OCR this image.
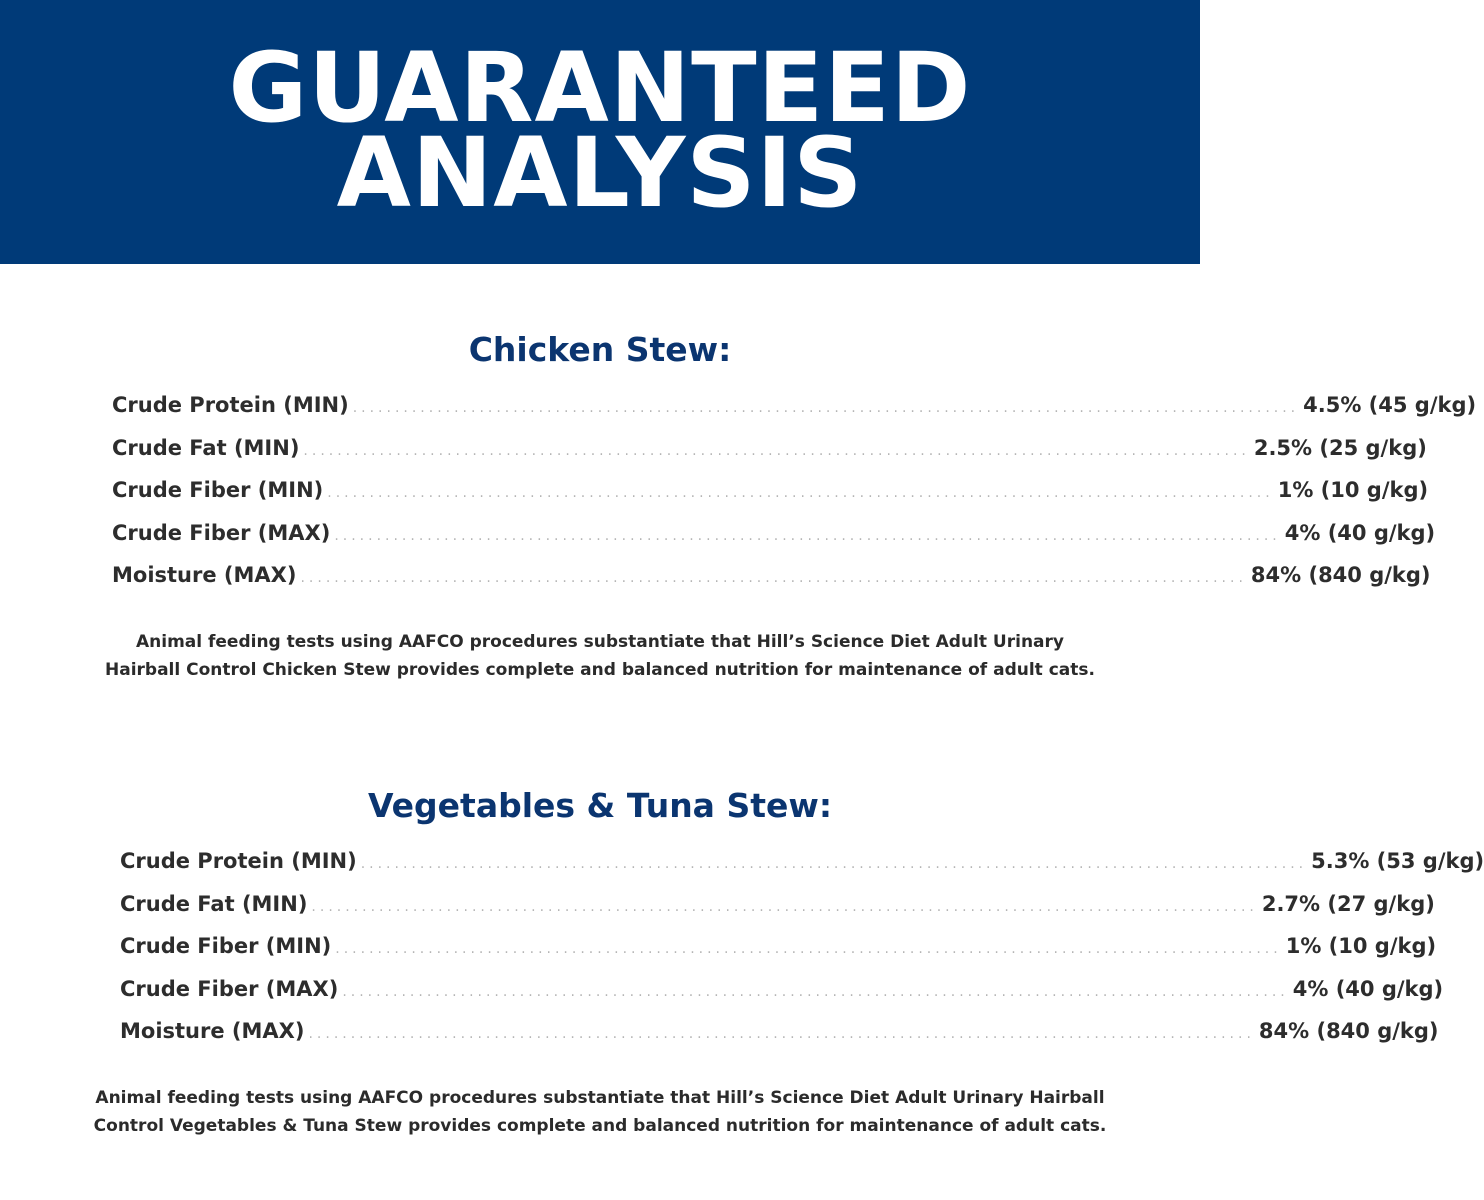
GUARANTEED
ANALYSIS
Chicken Stew:
Crude Protein (MIN) ................................................................................................................ 4.5% (45 g/kg)
Crude Fat (MIN) ................................................................................................................ 2.5% (25 g/kg)
Crude Fiber (MIN) ................................................................................................................ 1% (10 g/kg)
Crude Fiber (MAX) ................................................................................................................ 4% (40 g/kg)
Moisture (MAX) ................................................................................................................ 84% (840 g/kg)
Animal feeding tests using AAFCO procedures substantiate that Hill’s Science Diet Adult Urinary
Hairball Control Chicken Stew provides complete and balanced nutrition for maintenance of adult cats.
Vegetables & Tuna Stew:
Crude Protein (MIN) ................................................................................................................ 5.3% (53 g/kg)
Crude Fat (MIN) ................................................................................................................ 2.7% (27 g/kg)
Crude Fiber (MIN) ................................................................................................................ 1% (10 g/kg)
Crude Fiber (MAX) ................................................................................................................ 4% (40 g/kg)
Moisture (MAX) ................................................................................................................ 84% (840 g/kg)
Animal feeding tests using AAFCO procedures substantiate that Hill’s Science Diet Adult Urinary Hairball
Control Vegetables & Tuna Stew provides complete and balanced nutrition for maintenance of adult cats.
